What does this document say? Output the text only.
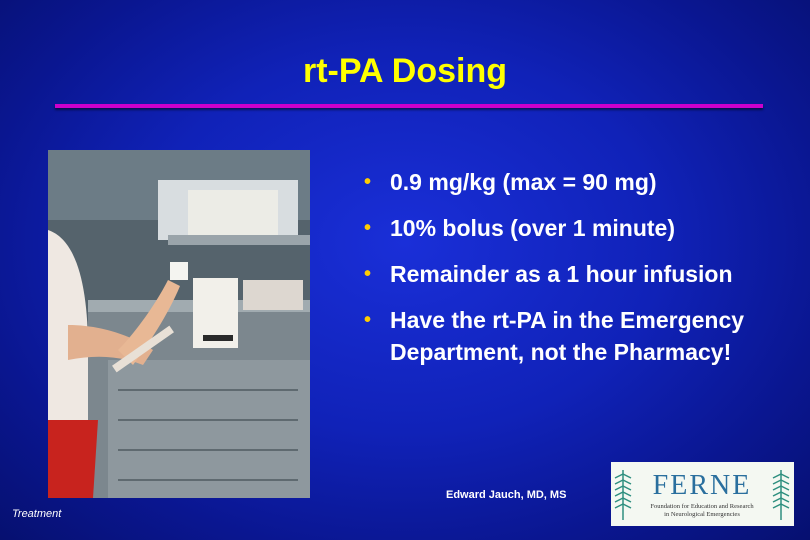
rt-PA Dosing
• 0.9 mg/kg (max = 90 mg)
• 10% bolus (over 1 minute)
• Remainder as a 1 hour infusion
• Have the rt-PA in the Emergency Department, not the Pharmacy!
Edward Jauch, MD, MS
Treatment
FERNE
Foundation for Education and Research
in Neurological Emergencies
